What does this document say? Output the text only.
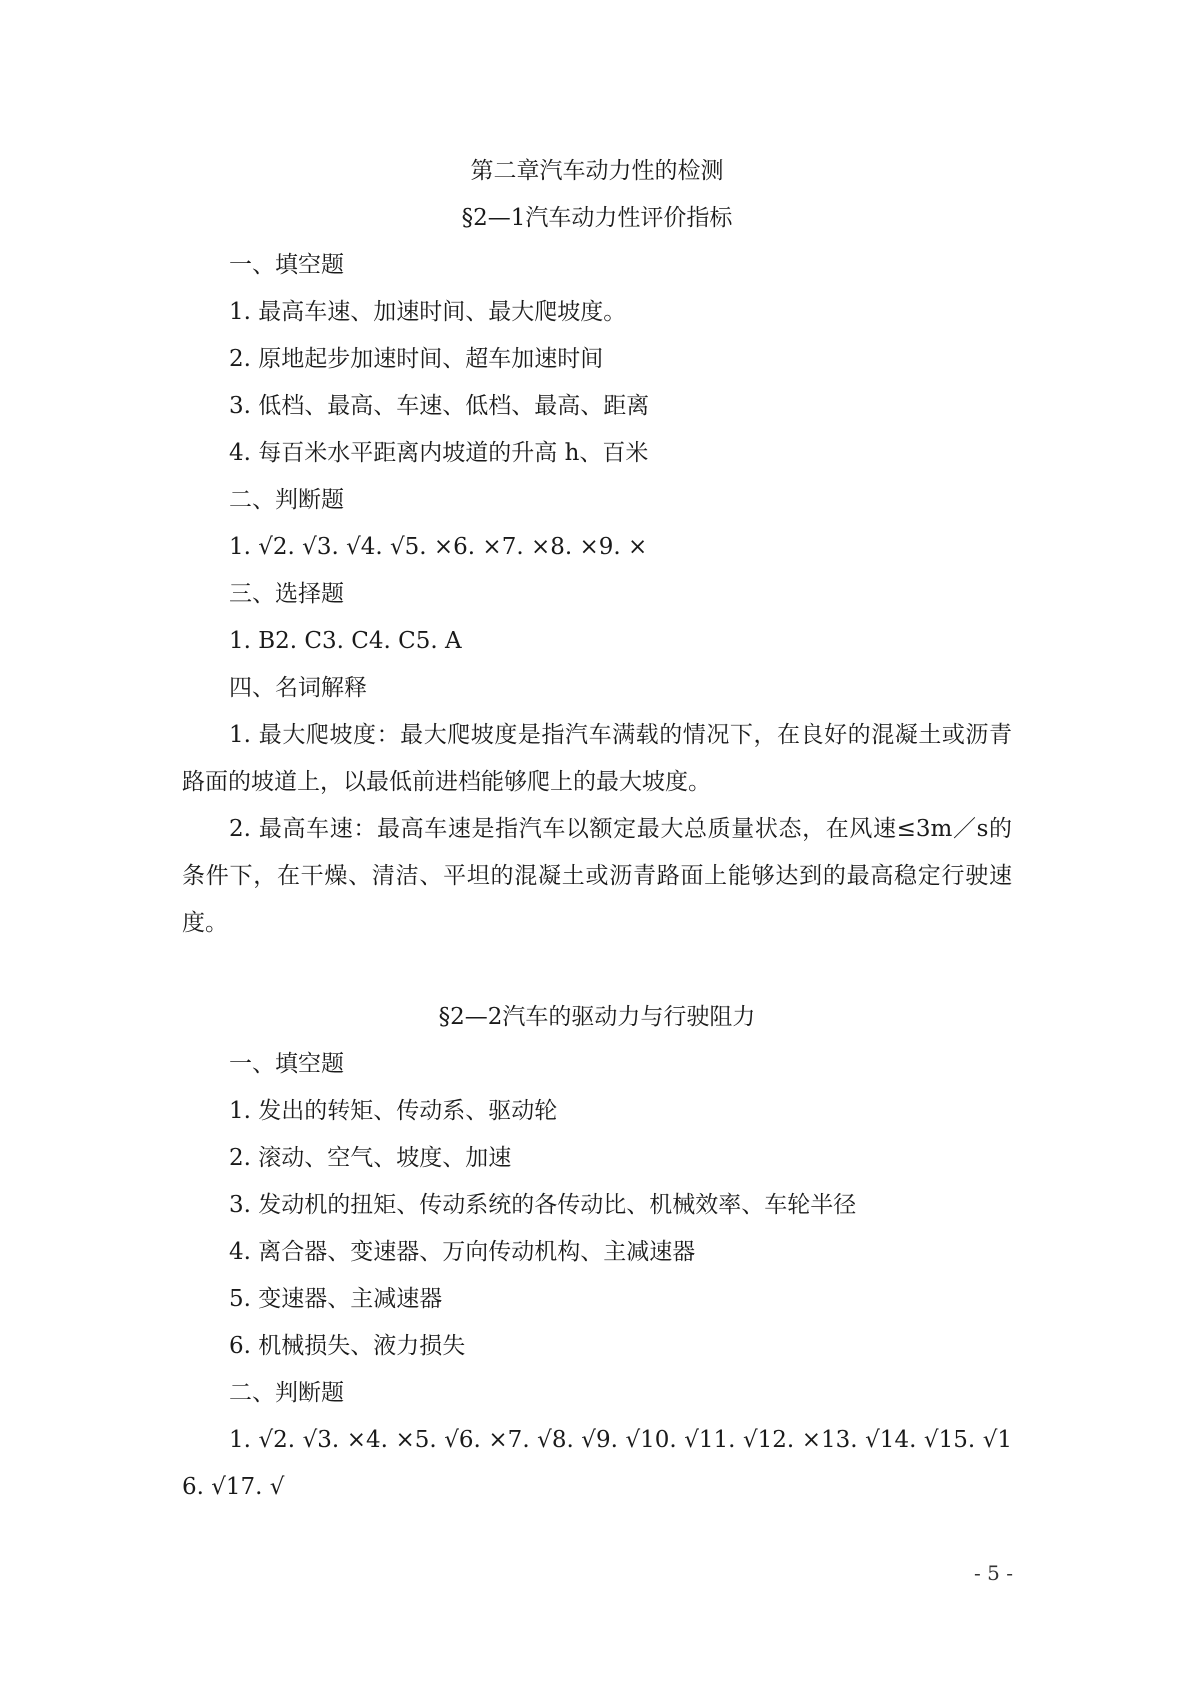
第二章汽车动力性的检测
§2—1汽车动力性评价指标
一、填空题
1. 最高车速、加速时间、最大爬坡度。
2. 原地起步加速时间、超车加速时间
3. 低档、最高、车速、低档、最高、距离
4. 每百米水平距离内坡道的升高 h、百米
二、判断题
1. √2. √3. √4. √5. ×6. ×7. ×8. ×9. ×
三、选择题
1. B2. C3. C4. C5. A
四、名词解释
1. 最大爬坡度：最大爬坡度是指汽车满载的情况下，在良好的混凝土或沥青路面的坡道上，以最低前进档能够爬上的最大坡度。
2. 最高车速：最高车速是指汽车以额定最大总质量状态，在风速≤3m／s的条件下，在干燥、清洁、平坦的混凝土或沥青路面上能够达到的最高稳定行驶速度。
§2—2汽车的驱动力与行驶阻力
一、填空题
1. 发出的转矩、传动系、驱动轮
2. 滚动、空气、坡度、加速
3. 发动机的扭矩、传动系统的各传动比、机械效率、车轮半径
4. 离合器、变速器、万向传动机构、主减速器
5. 变速器、主减速器
6. 机械损失、液力损失
二、判断题
1. √2. √3. ×4. ×5. √6. ×7. √8. √9. √10. √11. √12. ×13. √14. √15. √16. √17. √
- 5 -
